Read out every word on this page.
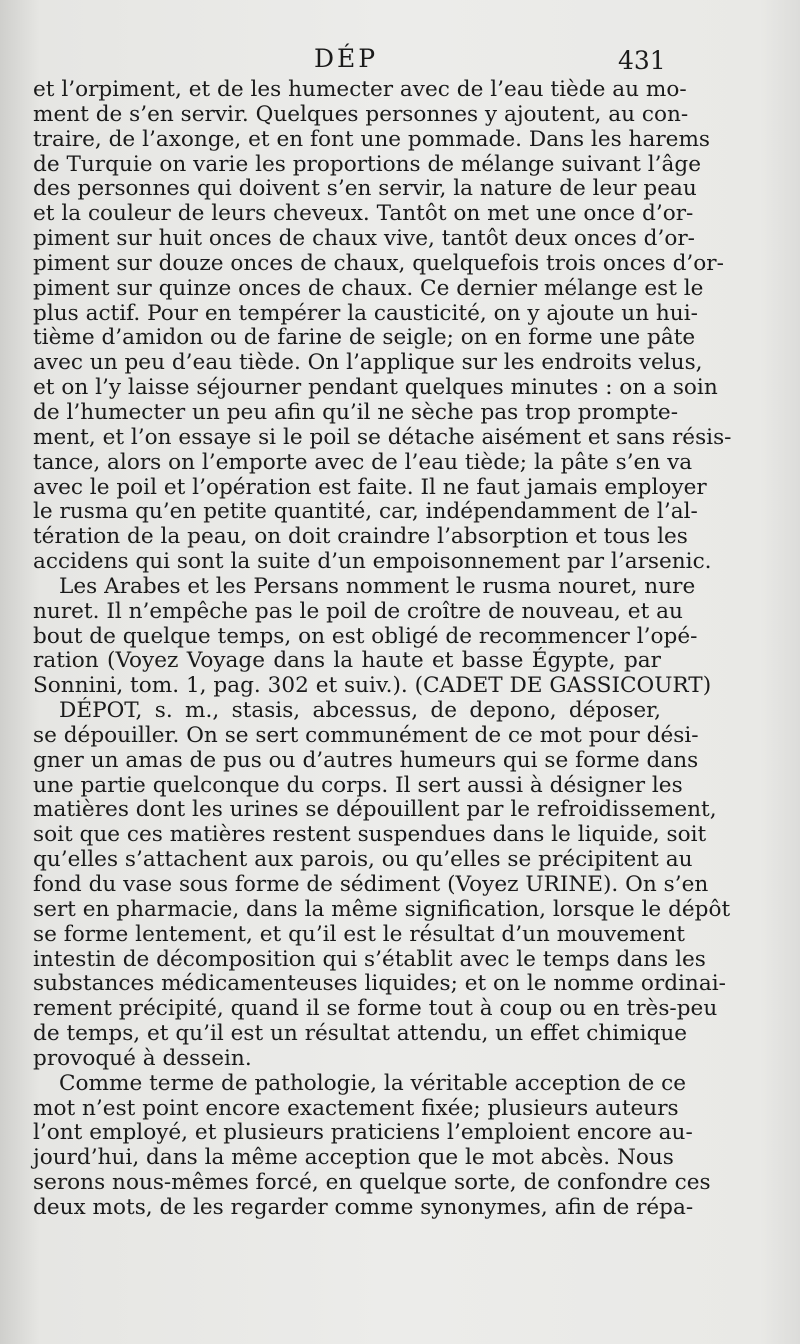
DÉP	431
et l’orpiment, et de les humecter avec de l’eau tiède au mo-
ment de s’en servir. Quelques personnes y ajoutent, au con-
traire, de l’axonge, et en font une pommade. Dans les harems
de Turquie on varie les proportions de mélange suivant l’âge
des personnes qui doivent s’en servir, la nature de leur peau
et la couleur de leurs cheveux. Tantôt on met une once d’or-
piment sur huit onces de chaux vive, tantôt deux onces d’or-
piment sur douze onces de chaux, quelquefois trois onces d’or-
piment sur quinze onces de chaux. Ce dernier mélange est le
plus actif. Pour en tempérer la causticité, on y ajoute un hui-
tième d’amidon ou de farine de seigle; on en forme une pâte
avec un peu d’eau tiède. On l’applique sur les endroits velus,
et on l’y laisse séjourner pendant quelques minutes : on a soin
de l’humecter un peu afin qu’il ne sèche pas trop prompte-
ment, et l’on essaye si le poil se détache aisément et sans résis-
tance, alors on l’emporte avec de l’eau tiède; la pâte s’en va
avec le poil et l’opération est faite. Il ne faut jamais employer
le rusma qu’en petite quantité, car, indépendamment de l’al-
tération de la peau, on doit craindre l’absorption et tous les
accidens qui sont la suite d’un empoisonnement par l’arsenic.
Les Arabes et les Persans nomment le rusma nouret, nure
nuret. Il n’empêche pas le poil de croître de nouveau, et au
bout de quelque temps, on est obligé de recommencer l’opé-
ration (Voyez Voyage dans la haute et basse Égypte, par
Sonnini, tom. 1, pag. 302 et suiv.). (CADET DE GASSICOURT)
DÉPOT, s. m., stasis, abcessus, de depono, déposer,
se dépouiller. On se sert communément de ce mot pour dési-
gner un amas de pus ou d’autres humeurs qui se forme dans
une partie quelconque du corps. Il sert aussi à désigner les
matières dont les urines se dépouillent par le refroidissement,
soit que ces matières restent suspendues dans le liquide, soit
qu’elles s’attachent aux parois, ou qu’elles se précipitent au
fond du vase sous forme de sédiment (Voyez URINE). On s’en
sert en pharmacie, dans la même signification, lorsque le dépôt
se forme lentement, et qu’il est le résultat d’un mouvement
intestin de décomposition qui s’établit avec le temps dans les
substances médicamenteuses liquides; et on le nomme ordinai-
rement précipité, quand il se forme tout à coup ou en très-peu
de temps, et qu’il est un résultat attendu, un effet chimique
provoqué à dessein.
Comme terme de pathologie, la véritable acception de ce
mot n’est point encore exactement fixée; plusieurs auteurs
l’ont employé, et plusieurs praticiens l’emploient encore au-
jourd’hui, dans la même acception que le mot abcès. Nous
serons nous-mêmes forcé, en quelque sorte, de confondre ces
deux mots, de les regarder comme synonymes, afin de répa-
